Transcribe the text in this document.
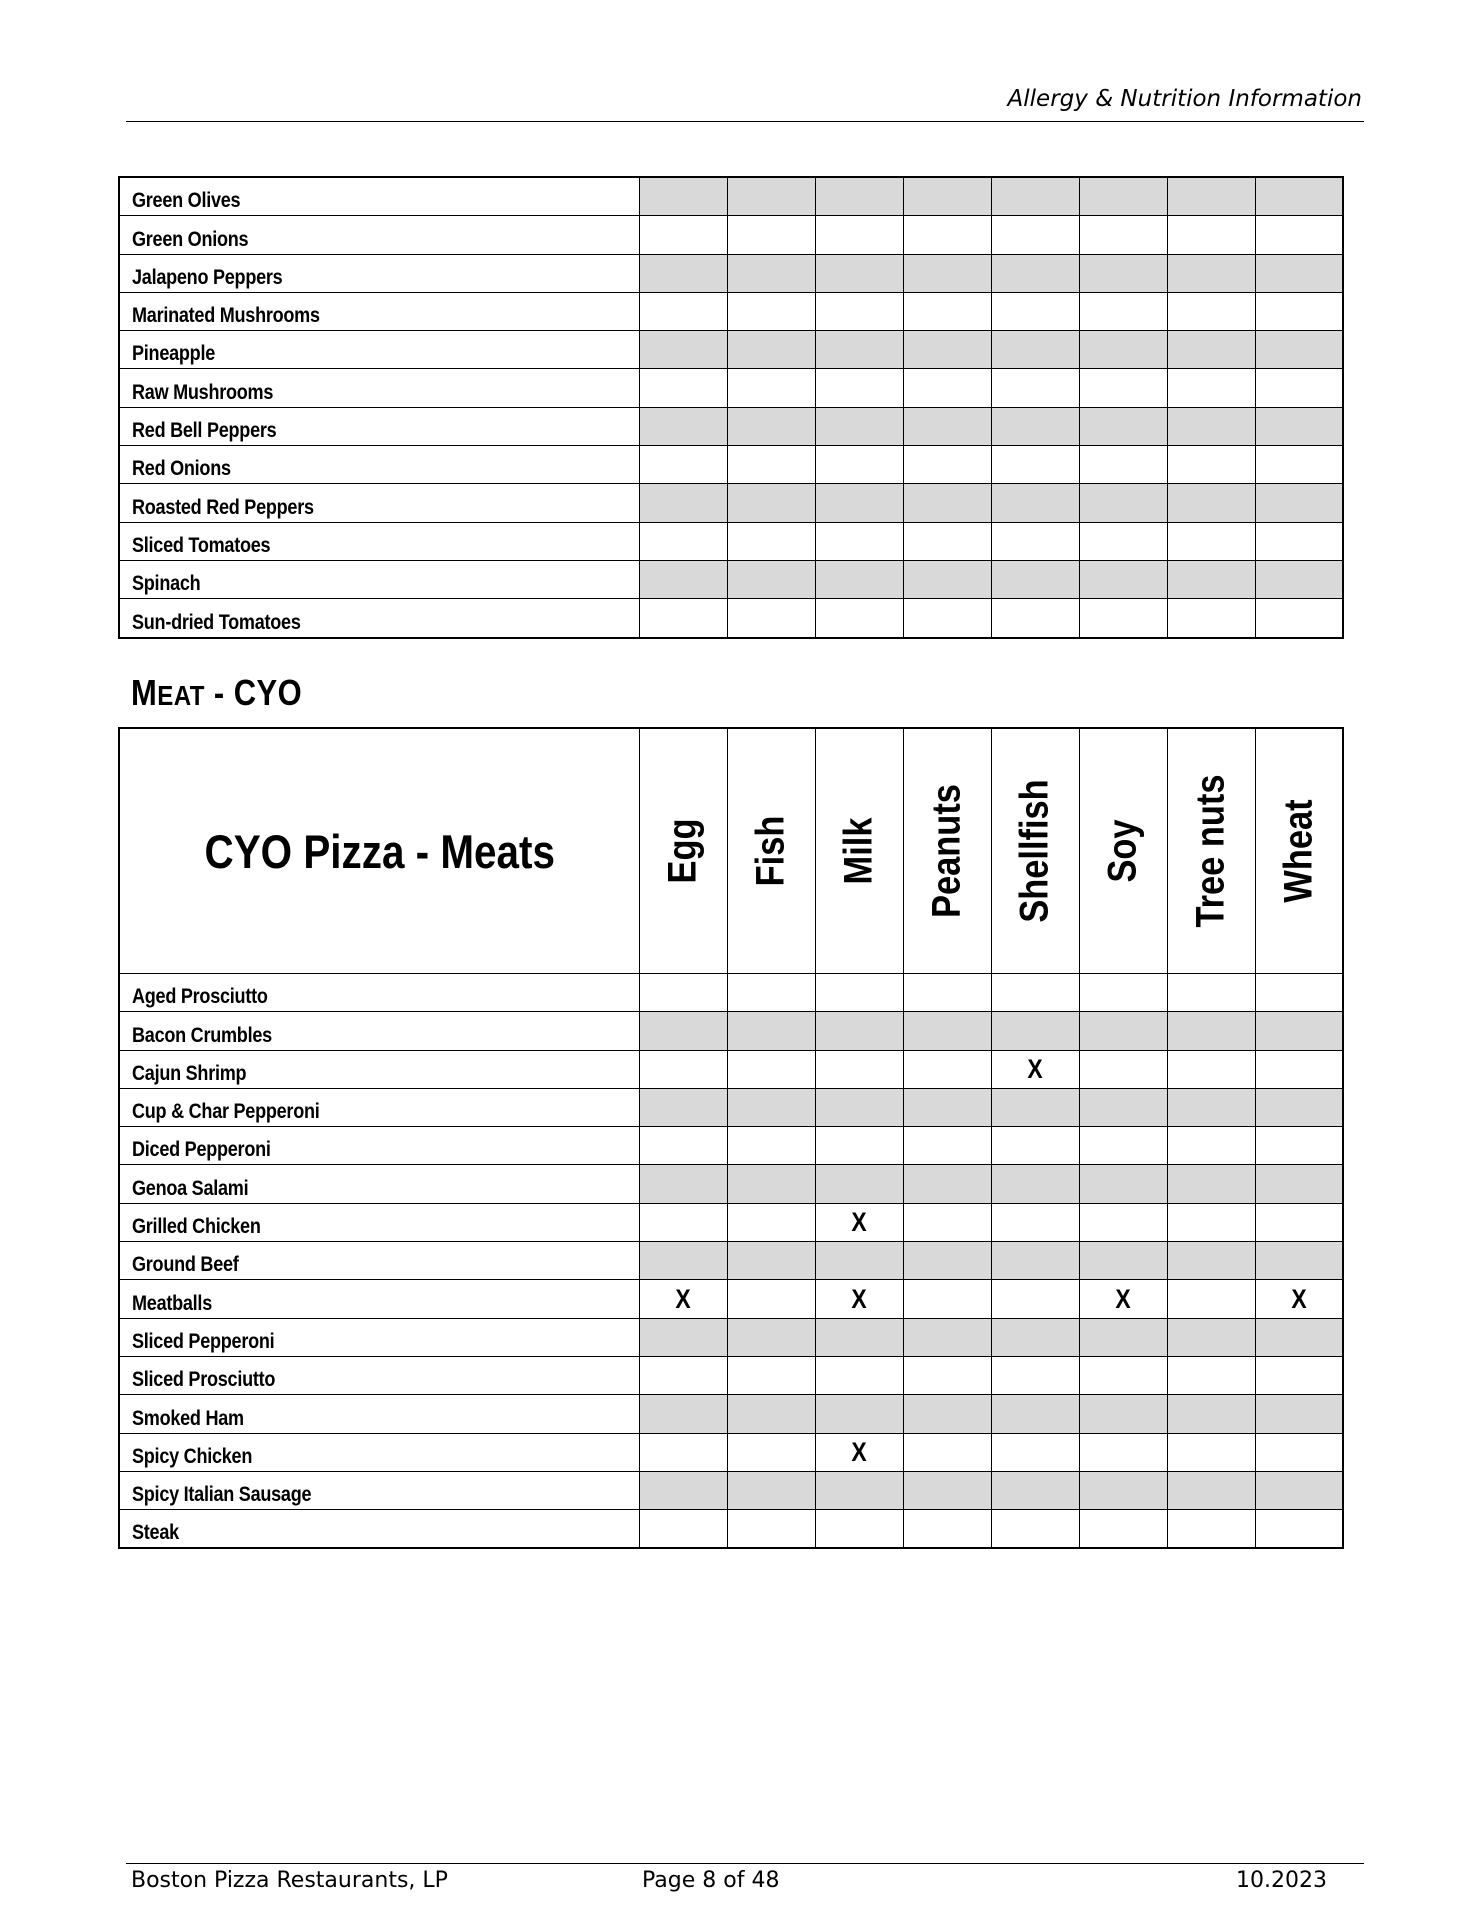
Allergy & Nutrition Information
Green Olives								
Green Onions								
Jalapeno Peppers								
Marinated Mushrooms								
Pineapple								
Raw Mushrooms								
Red Bell Peppers								
Red Onions								
Roasted Red Peppers								
Sliced Tomatoes								
Spinach								
Sun-dried Tomatoes								
MEAT - CYO
CYO Pizza - Meats	Egg	Fish	Milk	Peanuts	Shellfish	Soy	Tree nuts	Wheat

Aged Prosciutto								
Bacon Crumbles								
Cajun Shrimp					X			
Cup & Char Pepperoni								
Diced Pepperoni								
Genoa Salami								
Grilled Chicken			X					
Ground Beef								
Meatballs	X		X			X		X
Sliced Pepperoni								
Sliced Prosciutto								
Smoked Ham								
Spicy Chicken			X					
Spicy Italian Sausage								
Steak								
Boston Pizza Restaurants, LP	Page 8 of 48	10.2023
